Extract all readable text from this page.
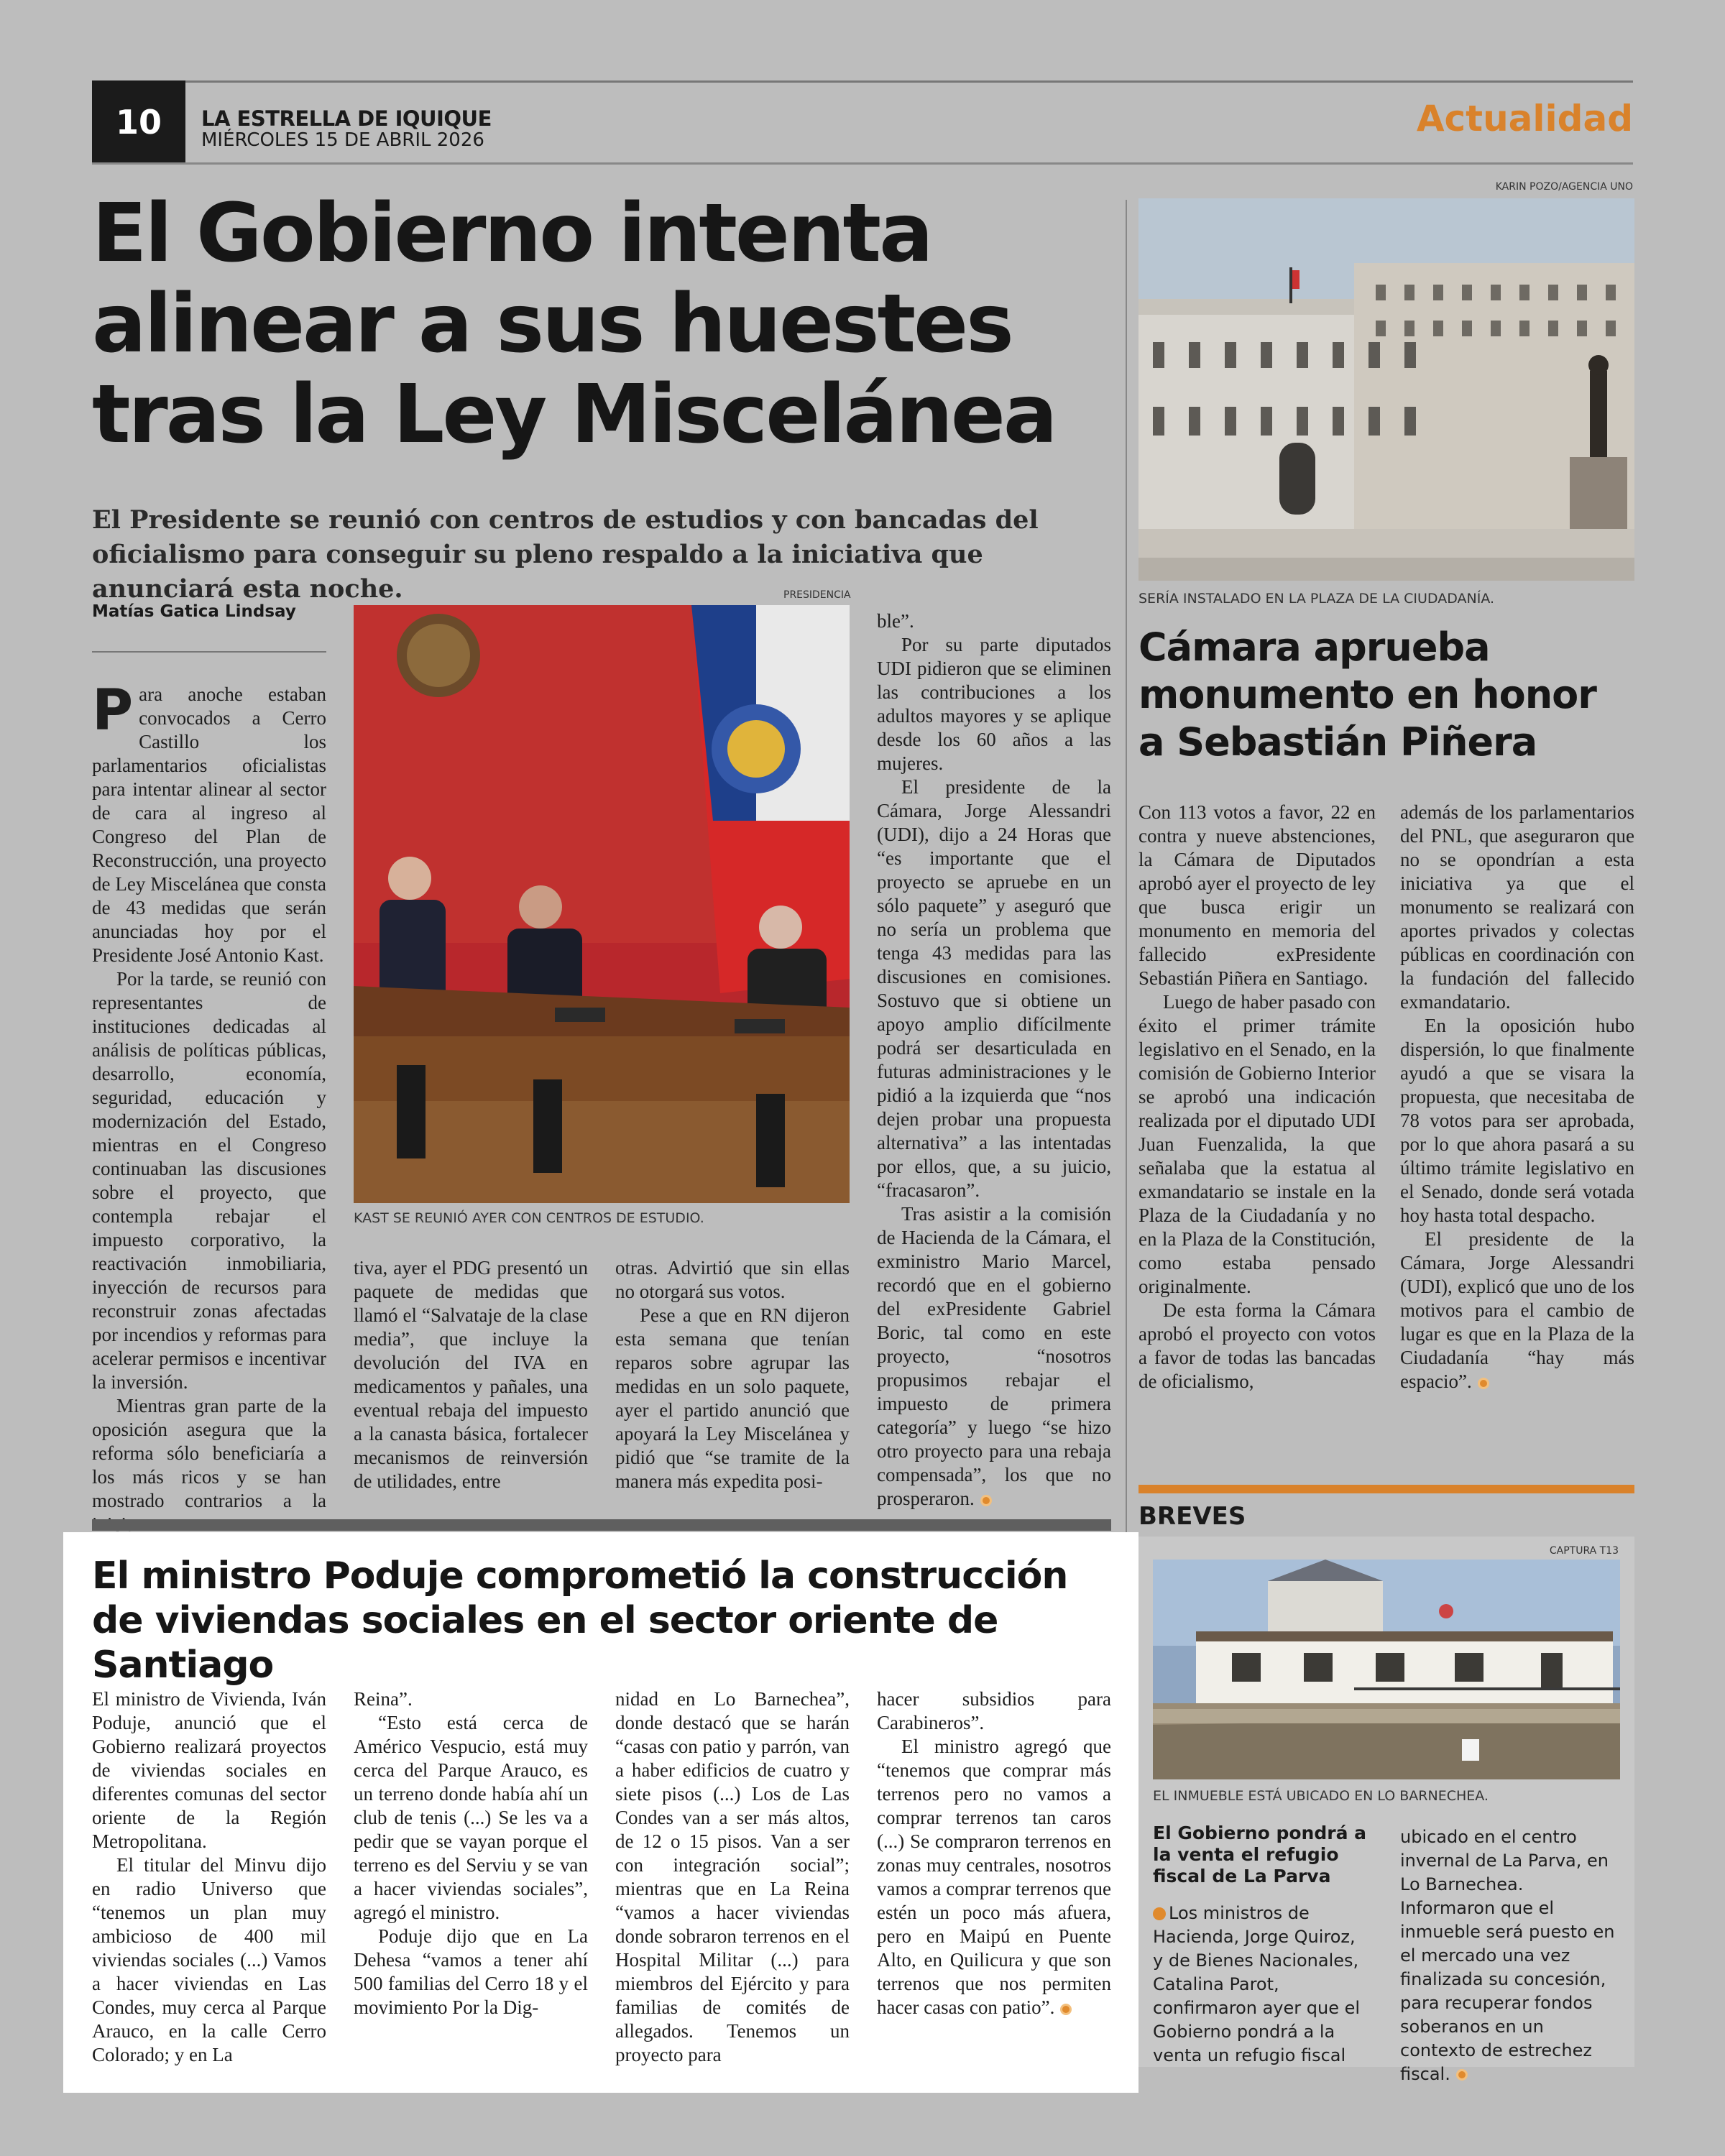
10	LA ESTRELLA DE IQUIQUE
MIÉRCOLES 15 DE ABRIL 2026
Actualidad
El Gobierno intenta alinear a sus huestes tras la Ley Miscelánea
El Presidente se reunió con centros de estudios y con bancadas del oficialismo para conseguir su pleno respaldo a la iniciativa que anunciará esta noche.
Matías Gatica Lindsay

Para anoche estaban convocados a Cerro Castillo los parlamentarios oficialistas para intentar alinear al sector de cara al ingreso al Congreso del Plan de Reconstrucción, una proyecto de Ley Miscelánea que consta de 43 medidas que serán anunciadas hoy por el Presidente José Antonio Kast.

Por la tarde, se reunió con representantes de instituciones dedicadas al análisis de políticas públicas, desarrollo, economía, seguridad, educación y modernización del Estado, mientras en el Congreso continuaban las discusiones sobre el proyecto, que contempla rebajar el impuesto corporativo, la reactivación inmobiliaria, inyección de recursos para reconstruir zonas afectadas por incendios y reformas para acelerar permisos e incentivar la inversión.

Mientras gran parte de la oposición asegura que la reforma sólo beneficiaría a los más ricos y se han mostrado contrarios a la

PRESIDENCIA
KAST SE REUNIÓ AYER CON CENTROS DE ESTUDIO.

tiva, ayer el PDG presentó un paquete de medidas que llamó el “Salvataje de la clase media”, que incluye la devolución del IVA en medicamentos y pañales, una eventual rebaja del impuesto a la canasta básica, fortalecer mecanismos de reinversión de utilidades, entre

otras. Advirtió que sin ellas no otorgará sus votos.

Pese a que en RN dijeron esta semana que tenían reparos sobre agrupar las medidas en un solo paquete, ayer el partido anunció que apoyará la Ley Miscelánea y pidió que “se tramite de la manera más expedita posi-

ble”.

Por su parte diputados UDI pidieron que se eliminen las contribuciones a los adultos mayores y se aplique desde los 60 años a las mujeres.

El presidente de la Cámara, Jorge Alessandri (UDI), dijo a 24 Horas que “es importante que el proyecto se apruebe en un sólo paquete” y aseguró que no sería un problema que tenga 43 medidas para las discusiones en comisiones. Sostuvo que si obtiene un apoyo amplio difícilmente podrá ser desarticulada en futuras administraciones y le pidió a la izquierda que “nos dejen probar una propuesta alternativa” a las intentadas por ellos, que, a su juicio, “fracasaron”.

Tras asistir a la comisión de Hacienda de la Cámara, el exministro Mario Marcel, recordó que en el gobierno del exPresidente Gabriel Boric, tal como en este proyecto, “nosotros propusimos rebajar el impuesto de primera categoría” y luego “se hizo otro proyecto para una rebaja compensada”, los que no prosperaron.

KARIN POZO/AGENCIA UNO
SERÍA INSTALADO EN LA PLAZA DE LA CIUDADANÍA.
Cámara aprueba monumento en honor a Sebastián Piñera

Con 113 votos a favor, 22 en contra y nueve abstenciones, la Cámara de Diputados aprobó ayer el proyecto de ley que busca erigir un monumento en memoria del fallecido exPresidente Sebastián Piñera en Santiago.

Luego de haber pasado con éxito el primer trámite legislativo en el Senado, en la comisión de Gobierno Interior se aprobó una indicación realizada por el diputado UDI Juan Fuenzalida, la que señalaba que la estatua al exmandatario se instale en la Plaza de la Ciudadanía y no en la Plaza de la Constitución, como estaba pensado originalmente.

De esta forma la Cámara aprobó el proyecto con votos a favor de todas las bancadas de oficialismo,

además de los parlamentarios del PNL, que aseguraron que no se opondrían a esta iniciativa ya que el monumento se realizará con aportes privados y colectas públicas en coordinación con la fundación del fallecido exmandatario.

En la oposición hubo dispersión, lo que finalmente ayudó a que se visara la propuesta, que necesitaba de 78 votos para ser aprobada, por lo que ahora pasará a su último trámite legislativo en el Senado, donde será votada hoy hasta total despacho.

El presidente de la Cámara, Jorge Alessandri (UDI), explicó que uno de los motivos para el cambio de lugar es que en la Plaza de la Ciudadanía “hay más espacio”.

BREVES
CAPTURA T13
EL INMUEBLE ESTÁ UBICADO EN LO BARNECHEA.
El Gobierno pondrá a la venta el refugio fiscal de La Parva
Los ministros de Hacienda, Jorge Quiroz, y de Bienes Nacionales, Catalina Parot, confirmaron ayer que el Gobierno pondrá a la venta un refugio fiscal
ubicado en el centro invernal de La Parva, en Lo Barnechea. Informaron que el inmueble será puesto en el mercado una vez finalizada su concesión, para recuperar fondos soberanos en un contexto de estrechez fiscal.
El ministro Poduje comprometió la construcción de viviendas sociales en el sector oriente de Santiago

El ministro de Vivienda, Iván Poduje, anunció que el Gobierno realizará proyectos de viviendas sociales en diferentes comunas del sector oriente de la Región Metropolitana.

El titular del Minvu dijo en radio Universo que “tenemos un plan muy ambicioso de 400 mil viviendas sociales (...) Vamos a hacer viviendas en Las Condes, muy cerca al Parque Arauco, en la calle Cerro Colorado; y en La

Reina”.

“Esto está cerca de Américo Vespucio, está muy cerca del Parque Arauco, es un terreno donde había ahí un club de tenis (...) Se les va a pedir que se vayan porque el terreno es del Serviu y se van a hacer viviendas sociales”, agregó el ministro.

Poduje dijo que en La Dehesa “vamos a tener ahí 500 familias del Cerro 18 y el movimiento Por la Dig-

nidad en Lo Barnechea”, donde destacó que se harán “casas con patio y parrón, van a haber edificios de cuatro y siete pisos (...) Los de Las Condes van a ser más altos, de 12 o 15 pisos. Van a ser con integración social”; mientras que en La Reina “vamos a hacer viviendas donde sobraron terrenos en el Hospital Militar (...) para miembros del Ejército y para familias de comités de allegados. Tenemos un proyecto para

hacer subsidios para Carabineros”.

El ministro agregó que “tenemos que comprar más terrenos pero no vamos a comprar terrenos tan caros (...) Se compraron terrenos en zonas muy centrales, nosotros vamos a comprar terrenos que estén un poco más afuera, pero en Maipú en Puente Alto, en Quilicura y que son terrenos que nos permiten hacer casas con patio”.
